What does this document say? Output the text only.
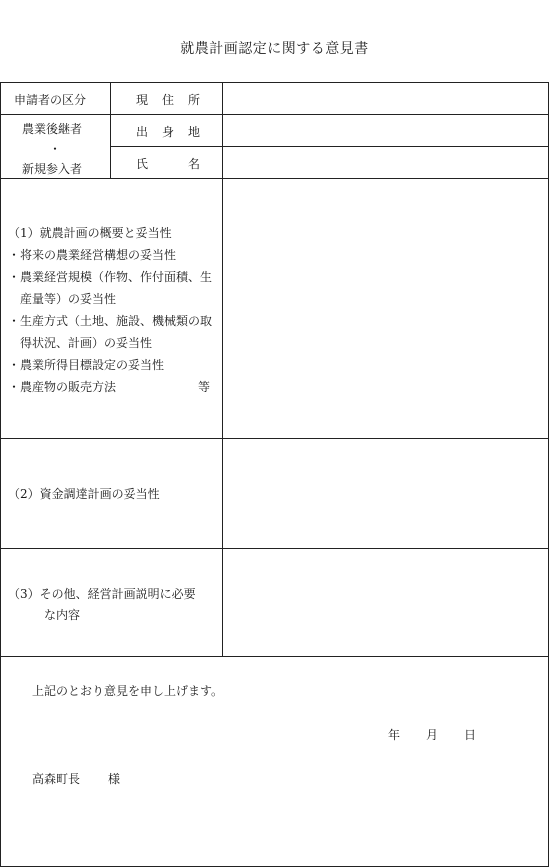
就農計画認定に関する意見書
申請者の区分
農業後継者
・
新規参入者
現 住 所
出 身 地
氏	名
（1）就農計画の概要と妥当性
・将来の農業経営構想の妥当性
・農業経営規模（作物、作付面積、生
　産量等）の妥当性
・生産方式（土地、施設、機械類の取
　得状況、計画）の妥当性
・農業所得目標設定の妥当性
・農産物の販売方法	等
（2）資金調達計画の妥当性
（3）その他、経営計画説明に必要
な内容
上記のとおり意見を申し上げます。
年 月 日
高森町長 様
